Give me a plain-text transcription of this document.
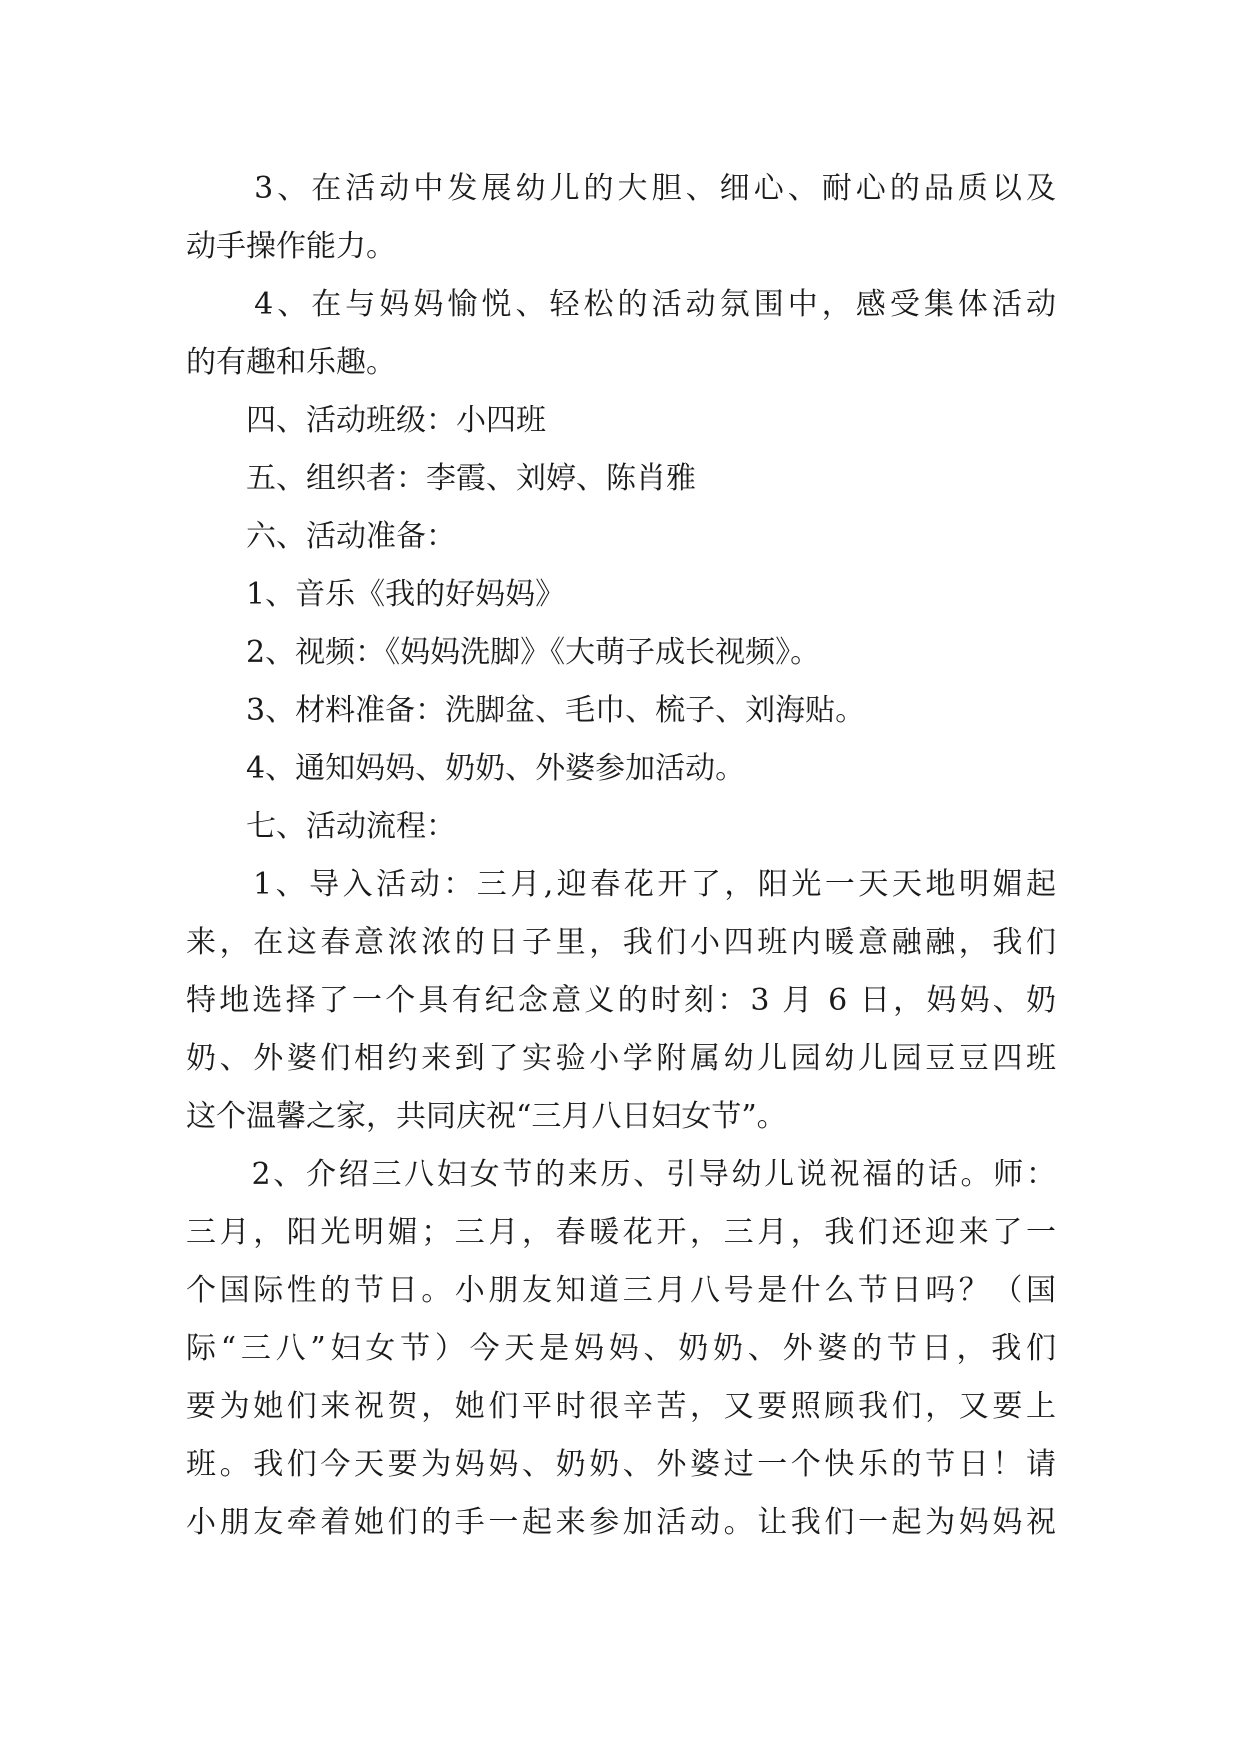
　　3、在活动中发展幼儿的大胆、细心、耐心的品质以及
动手操作能力。
　　4、在与妈妈愉悦、轻松的活动氛围中，感受集体活动
的有趣和乐趣。
　　四、活动班级：小四班
　　五、组织者：李霞、刘婷、陈肖雅
　　六、活动准备：
　　1、音乐《我的好妈妈》
　　2、视频：《妈妈洗脚》《大萌子成长视频》。
　　3、材料准备：洗脚盆、毛巾、梳子、刘海贴。
　　4、通知妈妈、奶奶、外婆参加活动。
　　七、活动流程：
　　1、导入活动：三月,迎春花开了，阳光一天天地明媚起
来，在这春意浓浓的日子里，我们小四班内暖意融融，我们
特地选择了一个具有纪念意义的时刻：3 月 6 日，妈妈、奶
奶、外婆们相约来到了实验小学附属幼儿园幼儿园豆豆四班
这个温馨之家，共同庆祝“三月八日妇女节”。
　　2、介绍三八妇女节的来历、引导幼儿说祝福的话。师：
三月，阳光明媚；三月，春暖花开，三月，我们还迎来了一
个国际性的节日。小朋友知道三月八号是什么节日吗？（国
际“三八”妇女节）今天是妈妈、奶奶、外婆的节日，我们
要为她们来祝贺，她们平时很辛苦，又要照顾我们，又要上
班。我们今天要为妈妈、奶奶、外婆过一个快乐的节日！请
小朋友牵着她们的手一起来参加活动。让我们一起为妈妈祝
